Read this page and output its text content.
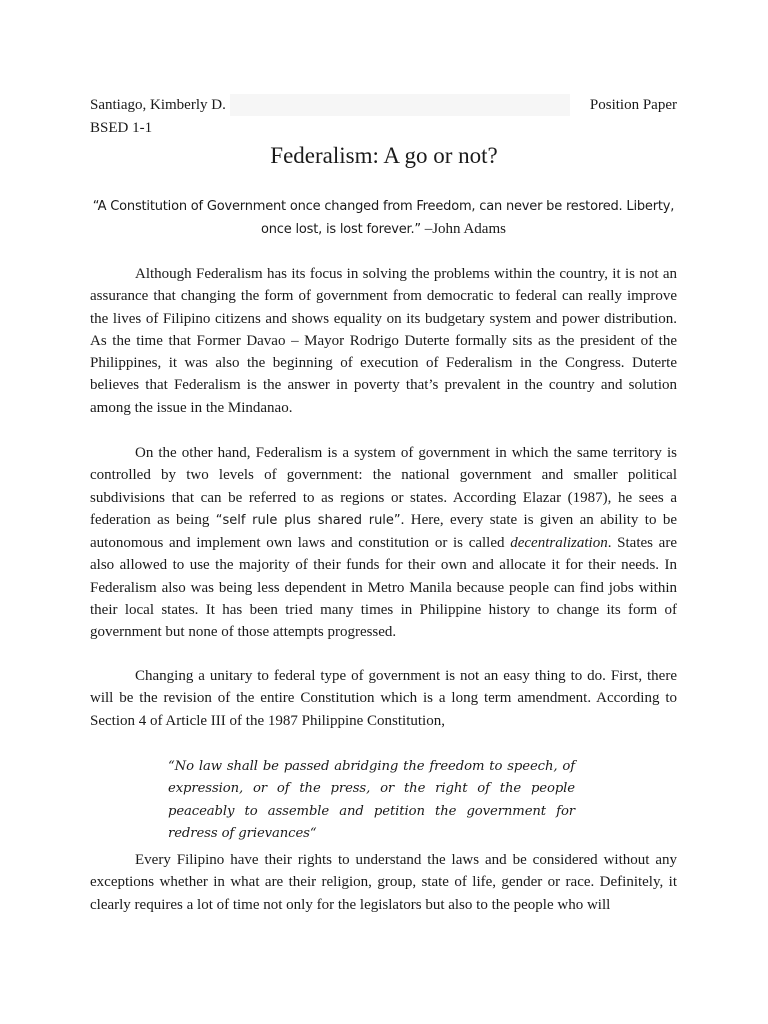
Santiago, Kimberly D.	Position Paper
BSED 1-1
Federalism: A go or not?
“A Constitution of Government once changed from Freedom, can never be restored. Liberty, once lost, is lost forever.” –John Adams

Although Federalism has its focus in solving the problems within the country, it is not an assurance that changing the form of government from democratic to federal can really improve the lives of Filipino citizens and shows equality on its budgetary system and power distribution. As the time that Former Davao – Mayor Rodrigo Duterte formally sits as the president of the Philippines, it was also the beginning of execution of Federalism in the Congress. Duterte believes that Federalism is the answer in poverty that’s prevalent in the country and solution among the issue in the Mindanao.

On the other hand, Federalism is a system of government in which the same territory is controlled by two levels of government: the national government and smaller political subdivisions that can be referred to as regions or states. According Elazar (1987), he sees a federation as being “self rule plus shared rule”. Here, every state is given an ability to be autonomous and implement own laws and constitution or is called decentralization. States are also allowed to use the majority of their funds for their own and allocate it for their needs. In Federalism also was being less dependent in Metro Manila because people can find jobs within their local states. It has been tried many times in Philippine history to change its form of government but none of those attempts progressed.

Changing a unitary to federal type of government is not an easy thing to do. First, there will be the revision of the entire Constitution which is a long term amendment. According to Section 4 of Article III of the 1987 Philippine Constitution,

“No law shall be passed abridging the freedom to speech, of expression, or of the press, or the right of the people peaceably to assemble and petition the government for redress of grievances“

Every Filipino have their rights to understand the laws and be considered without any exceptions whether in what are their religion, group, state of life, gender or race. Definitely, it clearly requires a lot of time not only for the legislators but also to the people who will
